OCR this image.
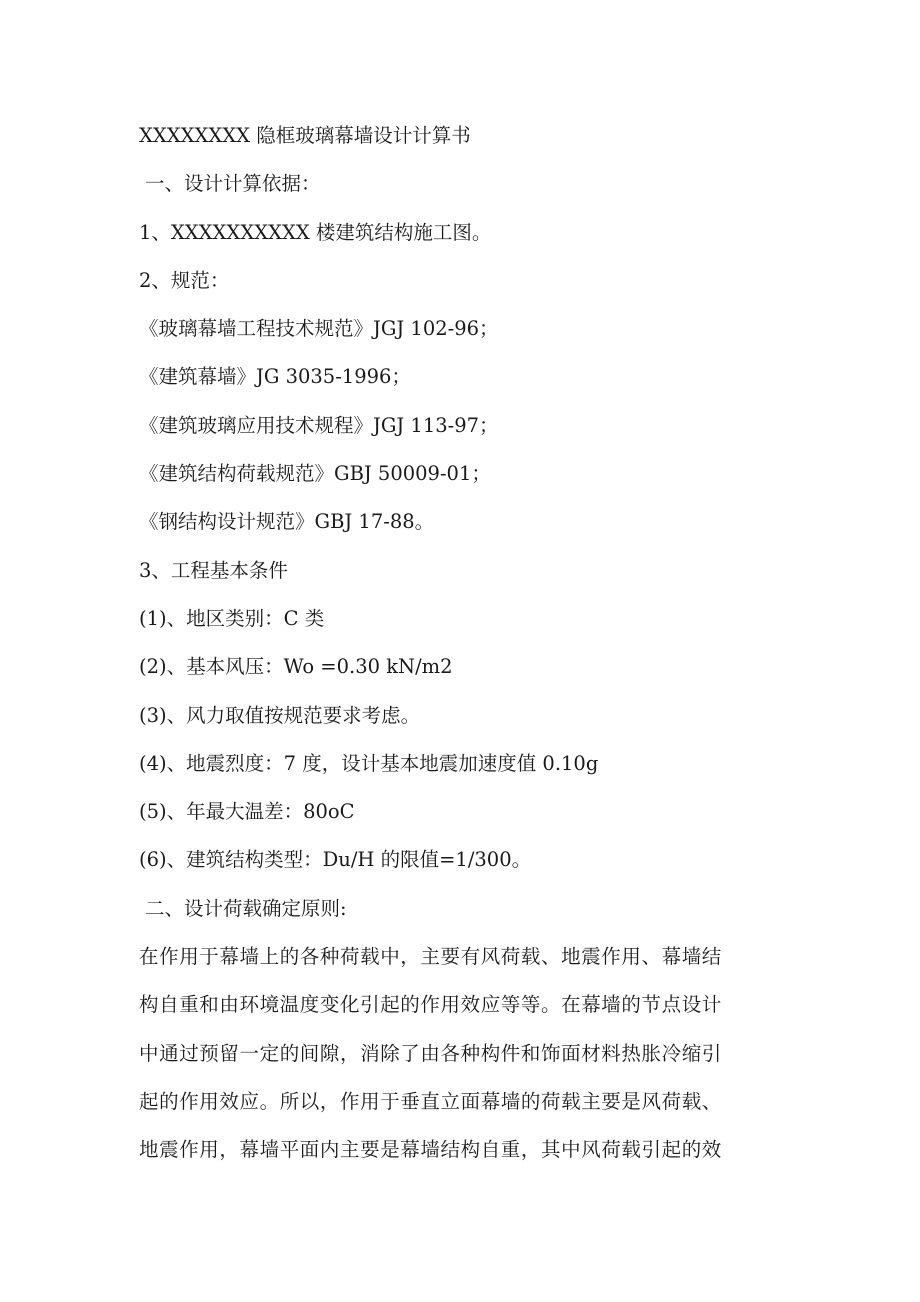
XXXXXXXX 隐框玻璃幕墙设计计算书
一、设计计算依据：
1、XXXXXXXXXX 楼建筑结构施工图。
2、规范：
《玻璃幕墙工程技术规范》JGJ 102-96；
《建筑幕墙》JG 3035-1996；
《建筑玻璃应用技术规程》JGJ 113-97；
《建筑结构荷载规范》GBJ 50009-01；
《钢结构设计规范》GBJ 17-88。
3、工程基本条件
(1)、地区类别：C 类
(2)、基本风压：Wo =0.30 kN/m2
(3)、风力取值按规范要求考虑。
(4)、地震烈度：7 度，设计基本地震加速度值 0.10g
(5)、年最大温差：80oC
(6)、建筑结构类型：Du/H 的限值=1/300。
二、设计荷载确定原则:
在作用于幕墙上的各种荷载中，主要有风荷载、地震作用、幕墙结
构自重和由环境温度变化引起的作用效应等等。在幕墙的节点设计
中通过预留一定的间隙，消除了由各种构件和饰面材料热胀冷缩引
起的作用效应。所以，作用于垂直立面幕墙的荷载主要是风荷载、
地震作用，幕墙平面内主要是幕墙结构自重，其中风荷载引起的效
